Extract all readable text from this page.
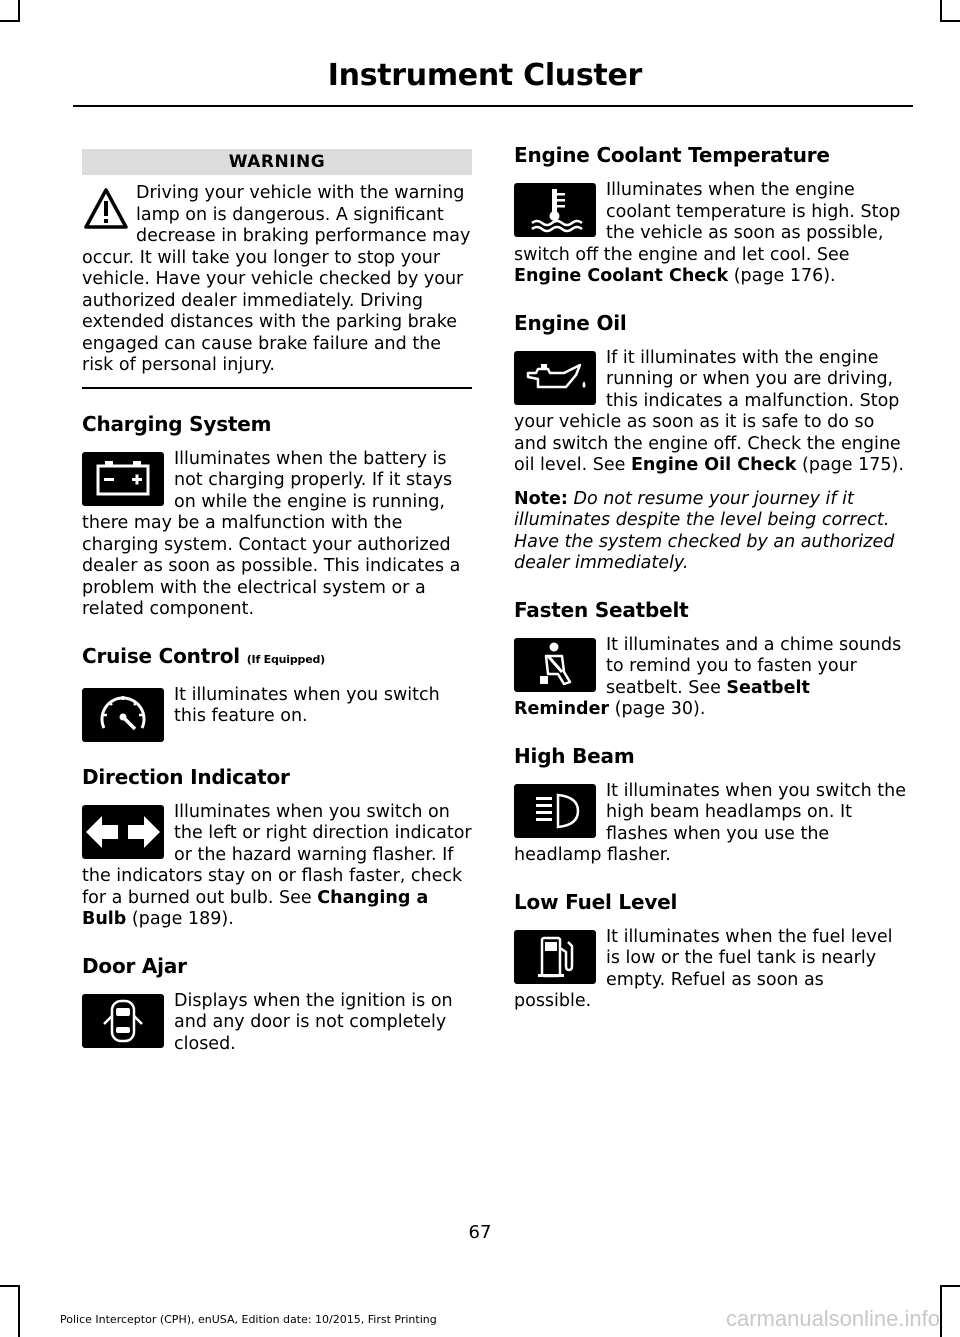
Instrument Cluster
WARNING

Driving your vehicle with the warning lamp on is dangerous. A significant decrease in braking performance may occur. It will take you longer to stop your vehicle. Have your vehicle checked by your authorized dealer immediately. Driving extended distances with the parking brake engaged can cause brake failure and the risk of personal injury.

Charging System

Illuminates when the battery is not charging properly. If it stays on while the engine is running, there may be a malfunction with the charging system. Contact your authorized dealer as soon as possible. This indicates a problem with the electrical system or a related component.

Cruise Control (If Equipped)

It illuminates when you switch this feature on.

Direction Indicator

Illuminates when you switch on the left or right direction indicator or the hazard warning flasher. If the indicators stay on or flash faster, check for a burned out bulb. See Changing a Bulb (page 189).

Door Ajar

Displays when the ignition is on and any door is not completely closed.

Engine Coolant Temperature

Illuminates when the engine coolant temperature is high. Stop the vehicle as soon as possible, switch off the engine and let cool. See Engine Coolant Check (page 176).

Engine Oil

If it illuminates with the engine running or when you are driving, this indicates a malfunction. Stop your vehicle as soon as it is safe to do so and switch the engine off. Check the engine oil level. See Engine Oil Check (page 175).

Note: Do not resume your journey if it illuminates despite the level being correct. Have the system checked by an authorized dealer immediately.

Fasten Seatbelt

It illuminates and a chime sounds to remind you to fasten your seatbelt. See Seatbelt Reminder (page 30).

High Beam

It illuminates when you switch the high beam headlamps on. It flashes when you use the headlamp flasher.

Low Fuel Level

It illuminates when the fuel level is low or the fuel tank is nearly empty. Refuel as soon as possible.

67
Police Interceptor (CPH), enUSA, Edition date: 10/2015, First Printing	carmanualsonline.info
